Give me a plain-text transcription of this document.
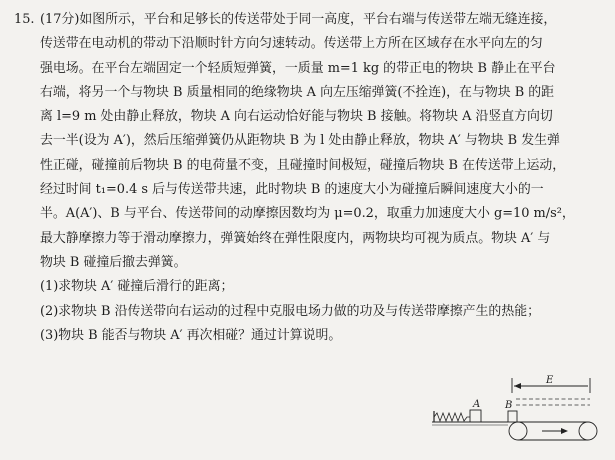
15. (17分)如图所示，平台和足够长的传送带处于同一高度，平台右端与传送带左端无缝连接，
传送带在电动机的带动下沿顺时针方向匀速转动。传送带上方所在区域存在水平向左的匀
强电场。在平台左端固定一个轻质短弹簧，一质量 m=1 kg 的带正电的物块 B 静止在平台
右端，将另一个与物块 B 质量相同的绝缘物块 A 向左压缩弹簧(不拴连)，在与物块 B 的距
离 l=9 m 处由静止释放，物块 A 向右运动恰好能与物块 B 接触。将物块 A 沿竖直方向切
去一半(设为 A′)，然后压缩弹簧仍从距物块 B 为 l 处由静止释放，物块 A′ 与物块 B 发生弹
性正碰，碰撞前后物块 B 的电荷量不变，且碰撞时间极短，碰撞后物块 B 在传送带上运动，
经过时间 t₁=0.4 s 后与传送带共速，此时物块 B 的速度大小为碰撞后瞬间速度大小的一
半。A(A′)、B 与平台、传送带间的动摩擦因数均为 μ=0.2，取重力加速度大小 g=10 m/s²，
最大静摩擦力等于滑动摩擦力，弹簧始终在弹性限度内，两物块均可视为质点。物块 A′ 与
物块 B 碰撞后撤去弹簧。
(1)求物块 A′ 碰撞后滑行的距离；
(2)求物块 B 沿传送带向右运动的过程中克服电场力做的功及与传送带摩擦产生的热能；
(3)物块 B 能否与物块 A′ 再次相碰？通过计算说明。
E
A B
